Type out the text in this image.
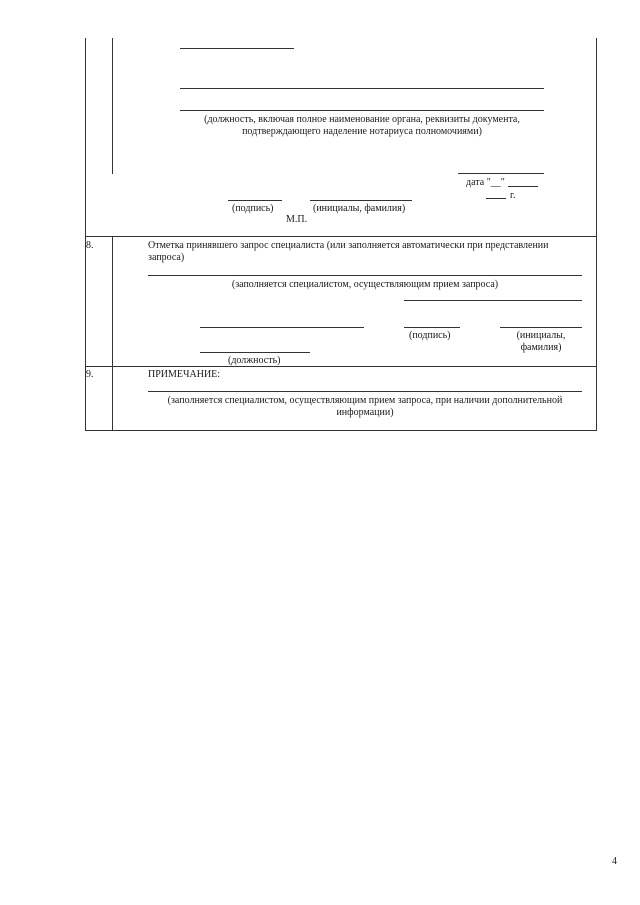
(должность, включая полное наименование органа, реквизиты документа,
подтверждающего наделение нотариуса полномочиями)
дата "__"
г.
(подпись)	(инициалы, фамилия)
М.П.
8.	Отметка принявшего запрос специалиста (или заполняется автоматически при представлении
запроса)
(заполняется специалистом, осуществляющим прием запроса)
(подпись)	(инициалы,
фамилия)
(должность)
9.	ПРИМЕЧАНИЕ:
(заполняется специалистом, осуществляющим прием запроса, при наличии дополнительной
информации)
4
